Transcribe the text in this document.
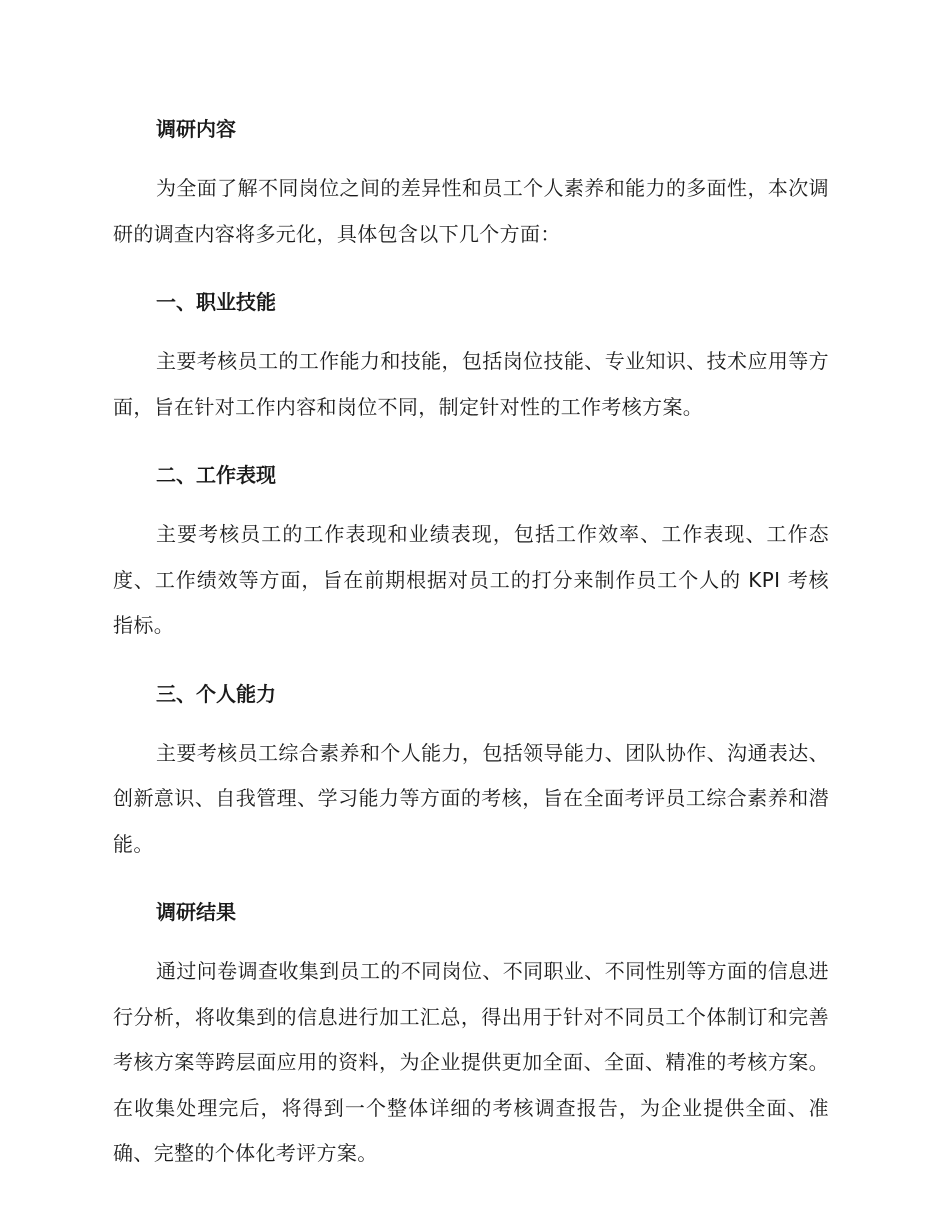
调研内容

为全面了解不同岗位之间的差异性和员工个人素养和能力的多面性，本次调研的调查内容将多元化，具体包含以下几个方面：

一、职业技能

主要考核员工的工作能力和技能，包括岗位技能、专业知识、技术应用等方面，旨在针对工作内容和岗位不同，制定针对性的工作考核方案。

二、工作表现

主要考核员工的工作表现和业绩表现，包括工作效率、工作表现、工作态度、工作绩效等方面，旨在前期根据对员工的打分来制作员工个人的 KPI 考核指标。

三、个人能力

主要考核员工综合素养和个人能力，包括领导能力、团队协作、沟通表达、创新意识、自我管理、学习能力等方面的考核，旨在全面考评员工综合素养和潜能。

调研结果

通过问卷调查收集到员工的不同岗位、不同职业、不同性别等方面的信息进行分析，将收集到的信息进行加工汇总，得出用于针对不同员工个体制订和完善考核方案等跨层面应用的资料，为企业提供更加全面、全面、精准的考核方案。在收集处理完后，将得到一个整体详细的考核调查报告，为企业提供全面、准确、完整的个体化考评方案。
